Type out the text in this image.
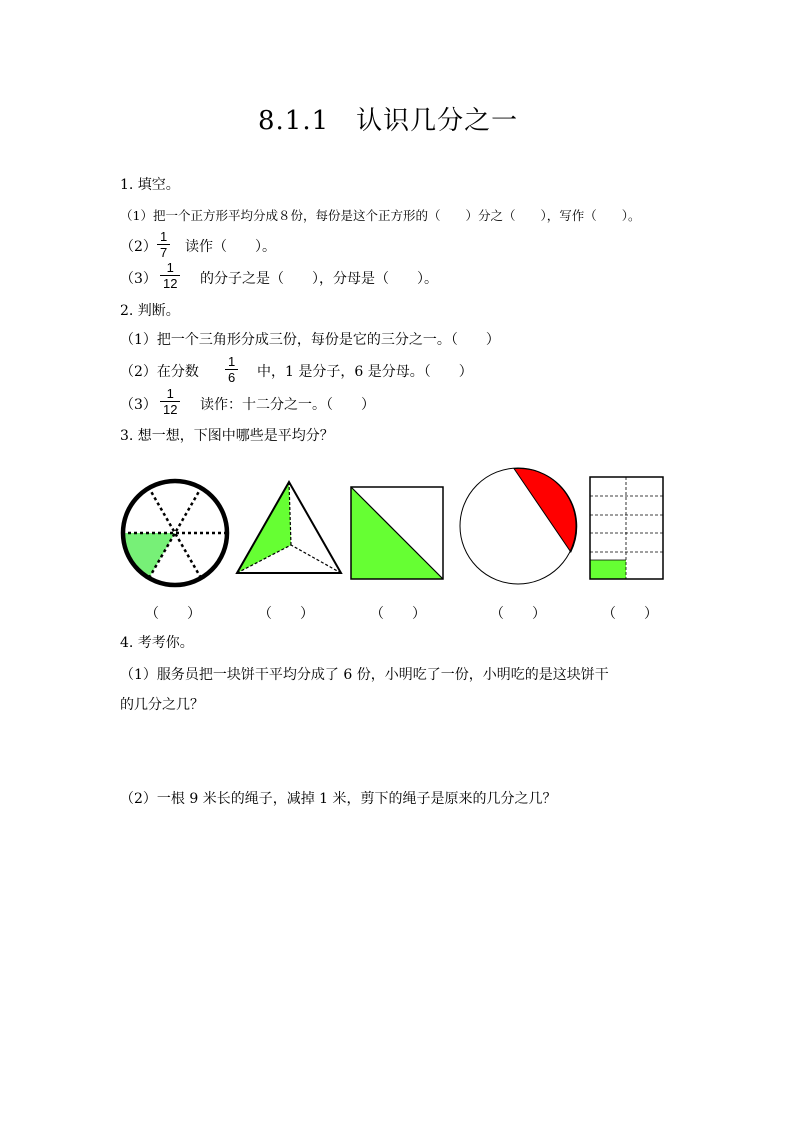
8.1.1　认识几分之一
1. 填空。
（1）把一个正方形平均分成８份，每份是这个正方形的（　　）分之（　　），写作（　　）。
（2）
1
7 读作（　　）。
（3）
1
12 的分子之是（　　），分母是（　　）。
2. 判断。
（1）把一个三角形分成三份，每份是它的三分之一。（　　）
（2）在分数
1
6 中，1 是分子，6 是分母。（　　）
（3）
1
12 读作：十二分之一。（　　）
3. 想一想，下图中哪些是平均分？
（　　）	（　　）	（　　）	（　　）	（　　）
4. 考考你。
（1）服务员把一块饼干平均分成了 6 份，小明吃了一份，小明吃的是这块饼干
的几分之几？
（2）一根 9 米长的绳子，减掉 1 米，剪下的绳子是原来的几分之几？
